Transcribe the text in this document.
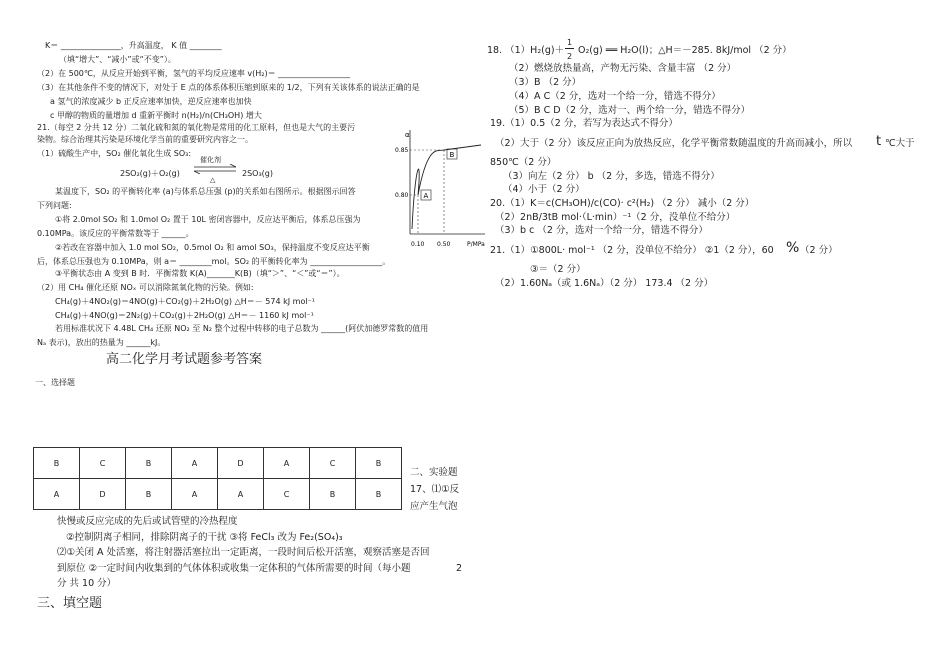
K＝ _______________，升高温度， K 值 ________
（填“增大”、“减小”或“不变”）。
（2）在 500℃，从反应开始到平衡，氢气的平均反应速率 v(H₂)＝ __________________
（3）在其他条件不变的情况下，对处于 E 点的体系体积压缩到原来的 1/2，下列有关该体系的说法正确的是
a 氢气的浓度减少 b 正反应速率加快，逆反应速率也加快
c 甲醇的物质的量增加 d 重新平衡时 n(H₂)/n(CH₃OH) 增大
21.（每空 2 分共 12 分）二氧化硫和氮的氧化物是常用的化工原料，但也是大气的主要污
染物。综合治理其污染是环境化学当前的重要研究内容之一。
（1）硫酸生产中，SO₂ 催化氧化生成 SO₃:
2SO₂(g)＋O₂(g)
催化剂
△
2SO₃(g)
某温度下，SO₂ 的平衡转化率 (a)与体系总压强 (p)的关系如右图所示。根据图示回答
下列问题:
①将 2.0mol SO₂ 和 1.0mol O₂ 置于 10L 密闭容器中，反应达平衡后，体系总压强为
0.10MPa。该反应的平衡常数等于 ______。
②若改在容器中加入 1.0 mol SO₂，0.5mol O₂ 和 amol SO₃，保持温度不变反应达平衡
后，体系总压强也为 0.10MPa，则 a＝ ________mol。SO₂ 的平衡转化率为 __________________。
③平衡状态由 A 变到 B 时．平衡常数 K(A)_______K(B)（填“＞”、“＜”或“＝”）。
（2）用 CH₄ 催化还原 NOₓ 可以消除氮氧化物的污染。例如:
CH₄(g)＋4NO₂(g)＝4NO(g)＋CO₂(g)＋2H₂O(g) △H＝－ 574 kJ mol⁻¹
CH₄(g)＋4NO(g)＝2N₂(g)＋CO₂(g)＋2H₂O(g) △H＝－ 1160 kJ mol⁻¹
若用标准状况下 4.48L CH₄ 还原 NO₂ 至 N₂ 整个过程中转移的电子总数为 ______(阿伏加德罗常数的值用
Nₐ 表示)，放出的热量为 ______kJ。
α
P/MPa
A
B
0.85
0.80
0.10 0.50
高二化学月考试题参考答案
一、选择题
B	C	B	A	D	A	C	B
A	D	B	A	A	C	B	B
二、实验题
17、⑴①反
应产生气泡
快慢或反应完成的先后或试管壁的冷热程度
②控制阴离子相同，排除阴离子的干扰 ③将 FeCl₃ 改为 Fe₂(SO₄)₃
⑵①关闭 A 处活塞，将注射器活塞拉出一定距离，一段时间后松开活塞，观察活塞是否回
到原位 ②一定时间内收集到的气体体积或收集一定体积的气体所需要的时间（每小题	2
分 共 10 分）
三、填空题
18. （1）H₂(g)＋
1
2
O₂(g) ══ H₂O(l)；△H＝－285. 8kJ/mol （2 分）
（2）燃烧放热量高，产物无污染、含量丰富 （2 分）
（3）B （2 分）
（4）A C（2 分，选对一个给一分，错选不得分）
（5）B C D（2 分，选对一、两个给一分，错选不得分）
19.（1）0.5（2 分，若写为表达式不得分）
（2）大于（2 分）该反应正向为放热反应，化学平衡常数随温度的升高而减小，所以 t ℃大于
850℃（2 分）
（3）向左（2 分） b （2 分，多选，错选不得分）
（4）小于（2 分）
20.（1）K＝c(CH₃OH)/c(CO)· c²(H₂) （2 分） 减小（2 分）
（2）2nB/3tB mol·（L·min）⁻¹（2 分，没单位不给分）
（3）b c （2 分，选对一个给一分，错选不得分）
21.（1）①800L· mol⁻¹ （2 分，没单位不给分） ②1（2 分），60 % （2 分）
③＝（2 分）
（2）1.60Nₐ（或 1.6Nₐ）（2 分） 173.4 （2 分）
